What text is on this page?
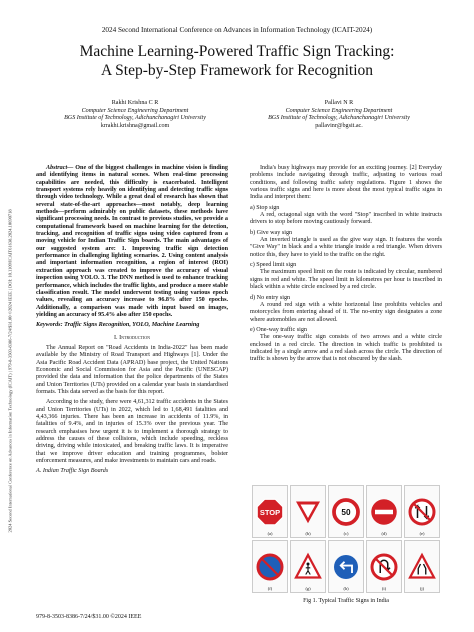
2024 Second International Conference on Advances in Information Technology (ICAIT-2024)
Machine Learning-Powered Traffic Sign Tracking:
A Step-by-Step Framework for Recognition
Rakhi Krishna C R
Computer Science Engineering Department
BGS Institute of Technology, Adichunchanagiri University
krrakhi.krishna@gmail.com
Pallavi N R
Computer Science Engineering Department
BGS Institute of Technology, Adichunchanagiri University
pallavinr@bgsit.ac.
2024 Second International Conference on Advances in Information Technology (ICAIT) | 979-8-3503-8386-7/24/$31.00 ©2024 IEEE | DOI: 10.1109/ICAIT61638.2024.10690718

Abstract— One of the biggest challenges in machine vision is finding and identifying items in natural scenes. When real-time processing capabilities are needed, this difficulty is exacerbated. Intelligent transport systems rely heavily on identifying and detecting traffic signs through video technology. While a great deal of research has shown that several state-of-the-art approaches—most notably, deep learning methods—perform admirably on public datasets, these methods have significant processing needs. In contrast to previous studies, we provide a computational framework based on machine learning for the detection, tracking, and recognition of traffic signs using video captured from a moving vehicle for Indian Traffic Sign boards. The main advantages of our suggested system are: 1. Improving traffic sign detection performance in challenging lighting scenarios. 2. Using content analysis and important information recognition, a region of interest (ROI) extraction approach was created to improve the accuracy of visual inspection using YOLO. 3. The DNN method is used to enhance tracking performance, which includes the traffic lights, and produce a more stable classification result. The model underwent testing using various epoch values, revealing an accuracy increase to 96.8% after 150 epochs. Additionally, a comparison was made with input based on images, yielding an accuracy of 95.4% also after 150 epochs.

Keywords: Traffic Signs Recognition, YOLO, Machine Learning
I. Introduction

The Annual Report on "Road Accidents in India-2022" has been made available by the Ministry of Road Transport and Highways [1]. Under the Asia Pacific Road Accident Data (APRAD) base project, the United Nations Economic and Social Commission for Asia and the Pacific (UNESCAP) provided the data and information that the police departments of the States and Union Territories (UTs) provided on a calendar year basis in standardised formats. This data served as the basis for this report.

According to the study, there were 4,61,312 traffic accidents in the States and Union Territories (UTs) in 2022, which led to 1,68,491 fatalities and 4,43,366 injuries. There has been an increase in accidents of 11.9%, in fatalities of 9.4%, and in injuries of 15.3% over the previous year. The research emphasises how urgent it is to implement a thorough strategy to address the causes of these collisions, which include speeding, reckless driving, driving while intoxicated, and breaking traffic laws. It is imperative that we improve driver education and training programmes, bolster enforcement measures, and make investments to maintain cars and roads.

A. Indian Traffic Sign Boards

India's busy highways may provide for an exciting journey. [2] Everyday problems include navigating through traffic, adjusting to various road conditions, and following traffic safety regulations. Figure 1 shows the various traffic signs and here is more about the most typical traffic signs in India and interpret them:

a) Stop sign

A red, octagonal sign with the word "Stop" inscribed in white instructs drivers to stop before moving cautiously forward.

b) Give way sign

An inverted triangle is used as the give way sign. It features the words "Give Way" in black and a white triangle inside a red triangle. When drivers notice this, they have to yield to the traffic on the right.

c) Speed limit sign

The maximum speed limit on the route is indicated by circular, numbered signs in red and white. The speed limit in kilometres per hour is inscribed in black within a white circle enclosed by a red circle.

d) No entry sign

A round red sign with a white horizontal line prohibits vehicles and motorcycles from entering ahead of it. The no-entry sign designates a zone where automobiles are not allowed.

e) One-way traffic sign

The one-way traffic sign consists of two arrows and a white circle enclosed in a red circle. The direction in which traffic is prohibited is indicated by a single arrow and a red slash across the circle. The direction of traffic is shown by the arrow that is not obscured by the slash.

STOP
(a)	(b)
50
(c)	(d)	(e)
(f)	(g)	(h)	(i)	(j)
Fig 1. Typical Traffic Signs in India
979-8-3503-8386-7/24/$31.00 ©2024 IEEE
